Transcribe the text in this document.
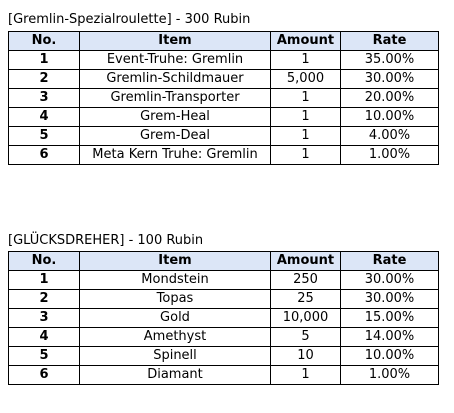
[Gremlin-Spezialroulette] - 300 Rubin
No.	Item	Amount	Rate
1	Event-Truhe: Gremlin	1	35.00%
2	Gremlin-Schildmauer	5,000	30.00%
3	Gremlin-Transporter	1	20.00%
4	Grem-Heal	1	10.00%
5	Grem-Deal	1	4.00%
6	Meta Kern Truhe: Gremlin	1	1.00%
[GLÜCKSDREHER] - 100 Rubin
No.	Item	Amount	Rate
1	Mondstein	250	30.00%
2	Topas	25	30.00%
3	Gold	10,000	15.00%
4	Amethyst	5	14.00%
5	Spinell	10	10.00%
6	Diamant	1	1.00%
